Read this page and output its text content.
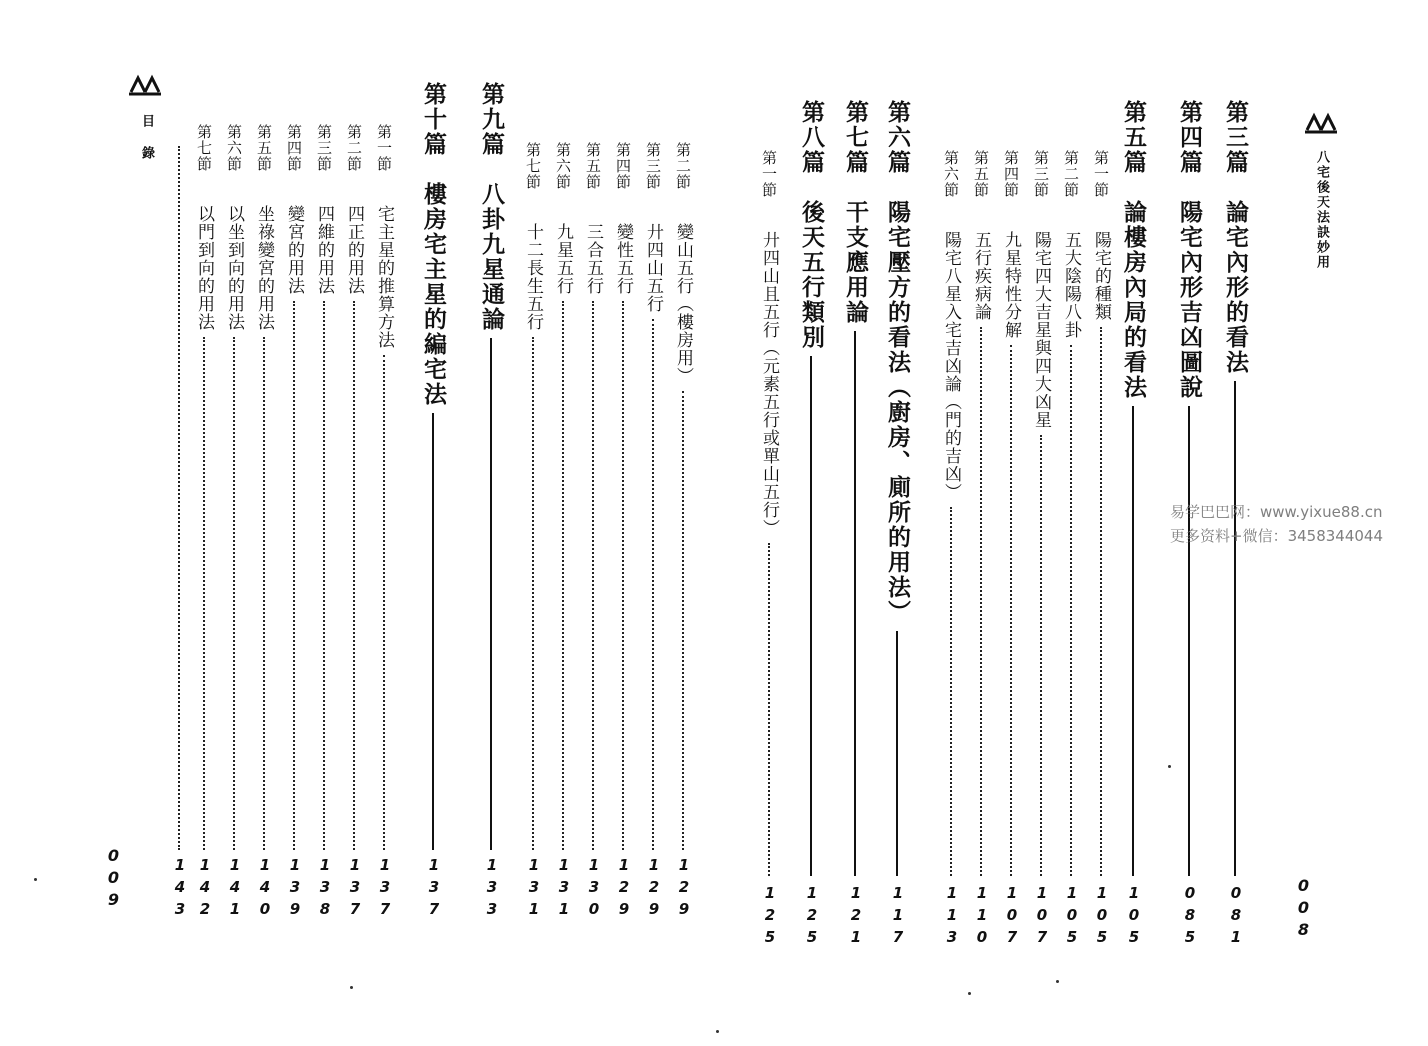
目 錄
009
第二節　變山五行（樓房用）
129
第三節　廾四山五行
129
第四節　變性五行
129
第五節　三合五行
130
第六節　九星五行
131
第七節　十二長生五行
131
第九篇　八卦九星通論
133
第十篇　樓房宅主星的編宅法
137
第一節　宅主星的推算方法
137
第二節　四正的用法
137
第三節　四維的用法
138
第四節　變宮的用法
139
第五節　坐祿變宮的用法
140
第六節　以坐到向的用法
141
第七節　以門到向的用法
142
143
八宅後天法訣妙用
008
第三篇　論宅內形的看法
081
第四篇　陽宅內形吉凶圖說
085
第五篇　論樓房內局的看法
105
第一節　陽宅的種類
105
第二節　五大陰陽八卦
105
第三節　陽宅四大吉星與四大凶星
107
第四節　九星特性分解
107
第五節　五行疾病論
110
第六節　陽宅八星入宅吉凶論（門的吉凶）
113
第六篇　陽宅壓方的看法（廚房、廁所的用法）
117
第七篇　干支應用論
121
第八篇　後天五行類別
125
第一節　廾四山且五行（元素五行或單山五行）
125
易学巴巴网：www.yixue88.cn
更多资料+微信：3458344044
